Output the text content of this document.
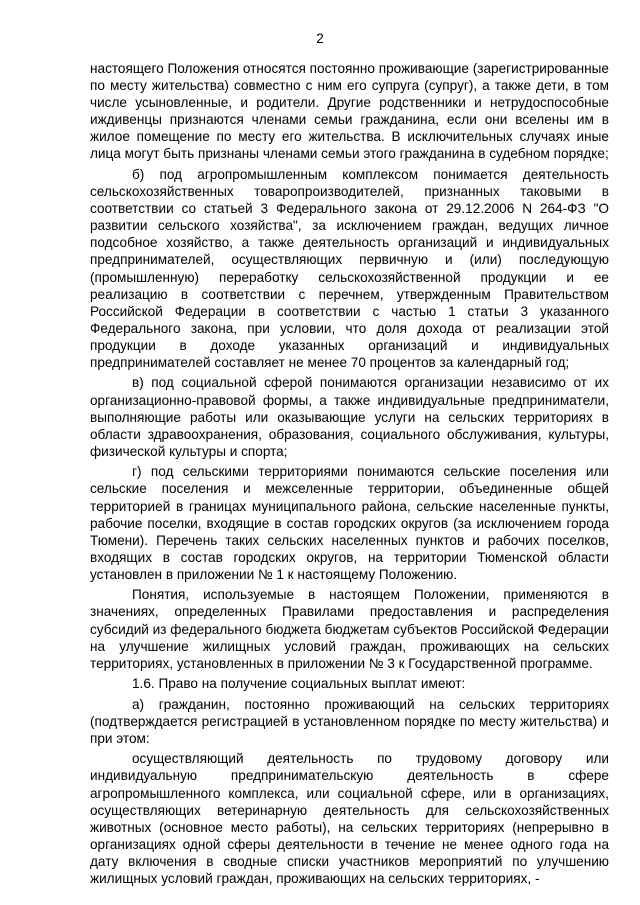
2

настоящего Положения относятся постоянно проживающие (зарегистрированные по месту жительства) совместно с ним его супруга (супруг), а также дети, в том числе усыновленные, и родители. Другие родственники и нетрудоспособные иждивенцы признаются членами семьи гражданина, если они вселены им в жилое помещение по месту его жительства. В исключительных случаях иные лица могут быть признаны членами семьи этого гражданина в судебном порядке;

б) под агропромышленным комплексом понимается деятельность сельскохозяйственных товаропроизводителей, признанных таковыми в соответствии со статьей 3 Федерального закона от 29.12.2006 N 264-ФЗ "О развитии сельского хозяйства", за исключением граждан, ведущих личное подсобное хозяйство, а также деятельность организаций и индивидуальных предпринимателей, осуществляющих первичную и (или) последующую (промышленную) переработку сельскохозяйственной продукции и ее реализацию в соответствии с перечнем, утвержденным Правительством Российской Федерации в соответствии с частью 1 статьи 3 указанного Федерального закона, при условии, что доля дохода от реализации этой продукции в доходе указанных организаций и индивидуальных предпринимателей составляет не менее 70 процентов за календарный год;

в) под социальной сферой понимаются организации независимо от их организационно-правовой формы, а также индивидуальные предприниматели, выполняющие работы или оказывающие услуги на сельских территориях в области здравоохранения, образования, социального обслуживания, культуры, физической культуры и спорта;

г) под сельскими территориями понимаются сельские поселения или сельские поселения и межселенные территории, объединенные общей территорией в границах муниципального района, сельские населенные пункты, рабочие поселки, входящие в состав городских округов (за исключением города Тюмени). Перечень таких сельских населенных пунктов и рабочих поселков, входящих в состав городских округов, на территории Тюменской области установлен в приложении № 1 к настоящему Положению.

Понятия, используемые в настоящем Положении, применяются в значениях, определенных Правилами предоставления и распределения субсидий из федерального бюджета бюджетам субъектов Российской Федерации на улучшение жилищных условий граждан, проживающих на сельских территориях, установленных в приложении № 3 к Государственной программе.

1.6. Право на получение социальных выплат имеют:

а) гражданин, постоянно проживающий на сельских территориях (подтверждается регистрацией в установленном порядке по месту жительства) и при этом:

осуществляющий деятельность по трудовому договору или индивидуальную предпринимательскую деятельность в сфере агропромышленного комплекса, или социальной сфере, или в организациях, осуществляющих ветеринарную деятельность для сельскохозяйственных животных (основное место работы), на сельских территориях (непрерывно в организациях одной сферы деятельности в течение не менее одного года на дату включения в сводные списки участников мероприятий по улучшению жилищных условий граждан, проживающих на сельских территориях, -
